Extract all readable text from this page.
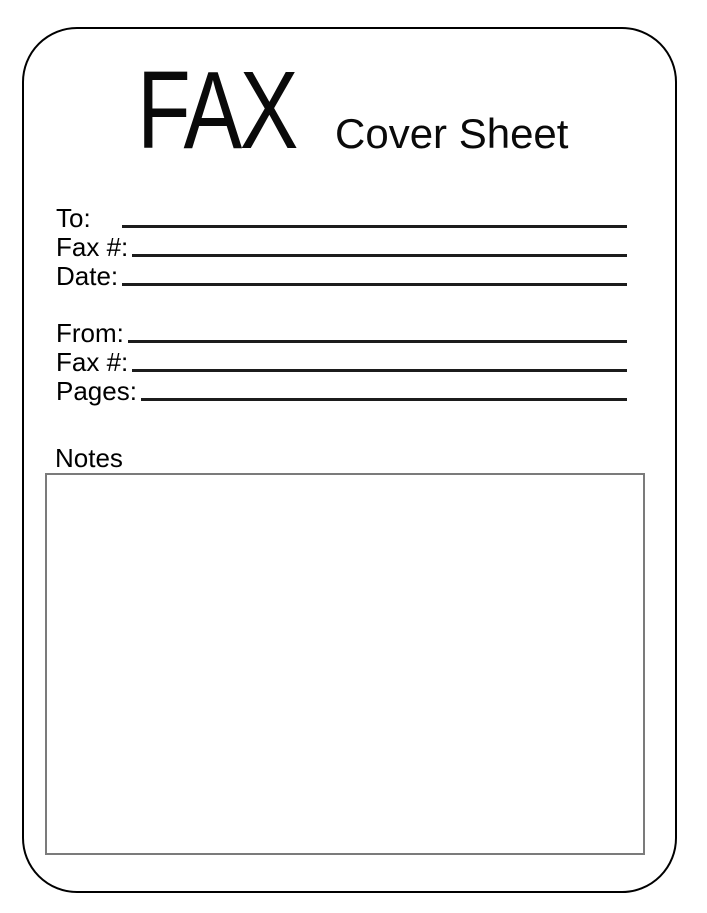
FAX Cover Sheet
To:
Fax #:
Date:
From:
Fax #:
Pages:
Notes
